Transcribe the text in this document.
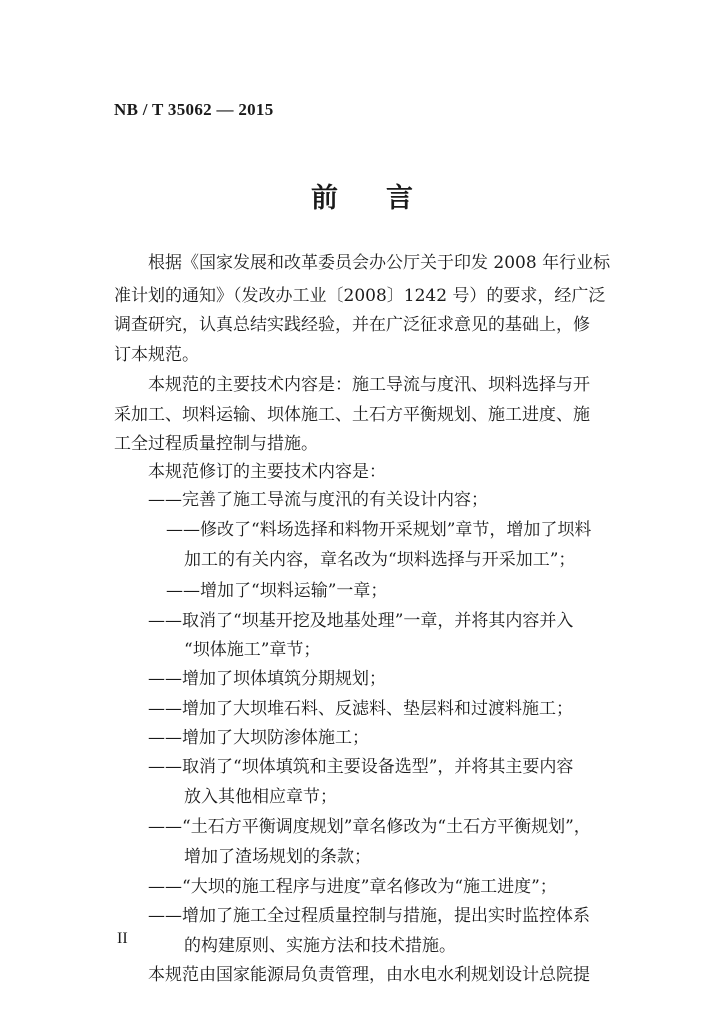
NB / T 35062 — 2015
前 言
根据《国家发展和改革委员会办公厅关于印发 2008 年行业标
准计划的通知》（发改办工业〔2008〕1242 号）的要求，经广泛
调查研究，认真总结实践经验，并在广泛征求意见的基础上，修
订本规范。
本规范的主要技术内容是：施工导流与度汛、坝料选择与开
采加工、坝料运输、坝体施工、土石方平衡规划、施工进度、施
工全过程质量控制与措施。
本规范修订的主要技术内容是：
——完善了施工导流与度汛的有关设计内容；
——修改了“料场选择和料物开采规划”章节，增加了坝料
加工的有关内容，章名改为“坝料选择与开采加工”；
——增加了“坝料运输”一章；
——取消了“坝基开挖及地基处理”一章，并将其内容并入
“坝体施工”章节；
——增加了坝体填筑分期规划；
——增加了大坝堆石料、反滤料、垫层料和过渡料施工；
——增加了大坝防渗体施工；
——取消了“坝体填筑和主要设备选型”，并将其主要内容
放入其他相应章节；
——“土石方平衡调度规划”章名修改为“土石方平衡规划”，
增加了渣场规划的条款；
——“大坝的施工程序与进度”章名修改为“施工进度”；
——增加了施工全过程质量控制与措施，提出实时监控体系
的构建原则、实施方法和技术措施。
本规范由国家能源局负责管理，由水电水利规划设计总院提
II
